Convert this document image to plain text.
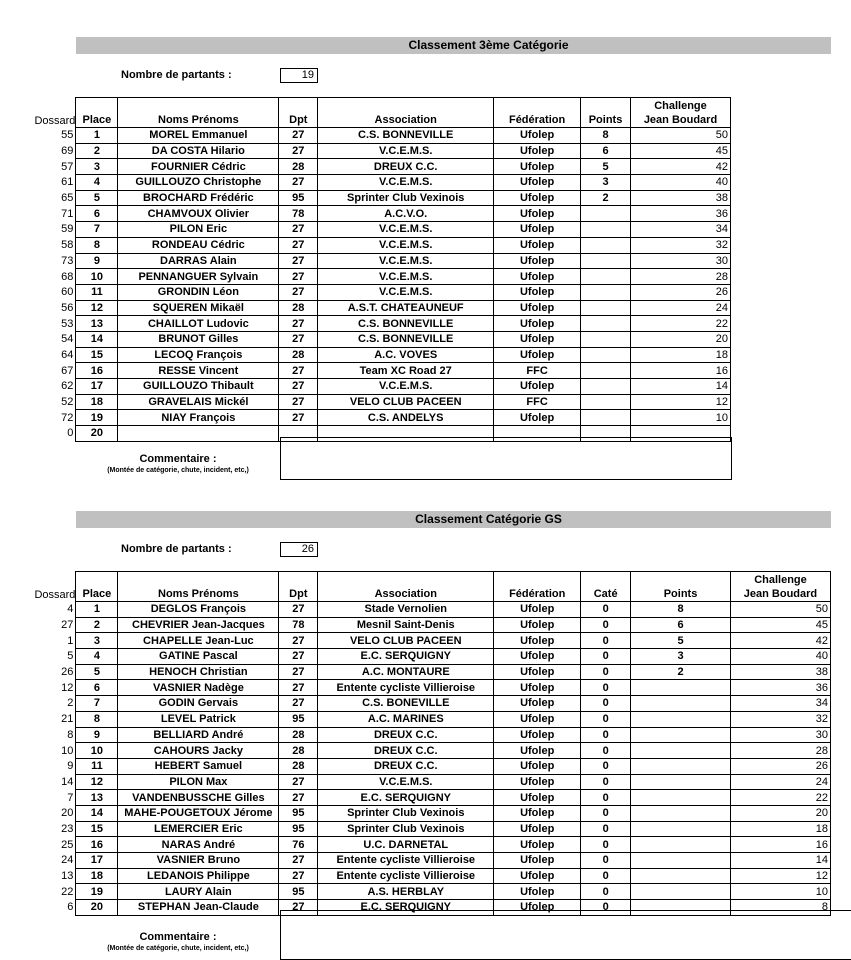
Classement 3ème Catégorie
Nombre de partants :	19
Dossard	Place	Noms Prénoms	Dpt	Association	Fédération	Points	Challenge
Jean Boudard

55	1	MOREL Emmanuel	27	C.S. BONNEVILLE	Ufolep	8	50
69	2	DA COSTA Hilario	27	V.C.E.M.S.	Ufolep	6	45
57	3	FOURNIER Cédric	28	DREUX C.C.	Ufolep	5	42
61	4	GUILLOUZO Christophe	27	V.C.E.M.S.	Ufolep	3	40
65	5	BROCHARD Frédéric	95	Sprinter Club Vexinois	Ufolep	2	38
71	6	CHAMVOUX Olivier	78	A.C.V.O.	Ufolep		36
59	7	PILON Eric	27	V.C.E.M.S.	Ufolep		34
58	8	RONDEAU Cédric	27	V.C.E.M.S.	Ufolep		32
73	9	DARRAS Alain	27	V.C.E.M.S.	Ufolep		30
68	10	PENNANGUER Sylvain	27	V.C.E.M.S.	Ufolep		28
60	11	GRONDIN Léon	27	V.C.E.M.S.	Ufolep		26
56	12	SQUEREN Mikaël	28	A.S.T. CHATEAUNEUF	Ufolep		24
53	13	CHAILLOT Ludovic	27	C.S. BONNEVILLE	Ufolep		22
54	14	BRUNOT Gilles	27	C.S. BONNEVILLE	Ufolep		20
64	15	LECOQ François	28	A.C. VOVES	Ufolep		18
67	16	RESSE Vincent	27	Team XC Road 27	FFC		16
62	17	GUILLOUZO Thibault	27	V.C.E.M.S.	Ufolep		14
52	18	GRAVELAIS Mickél	27	VELO CLUB PACEEN	FFC		12
72	19	NIAY François	27	C.S. ANDELYS	Ufolep		10
0	20						
Commentaire :
(Montée de catégorie, chute, incident, etc,)
Classement Catégorie GS
Nombre de partants :	26
Dossard	Place	Noms Prénoms	Dpt	Association	Fédération	Caté	Points	Challenge
Jean Boudard

4	1	DEGLOS François	27	Stade Vernolien	Ufolep	0	8	50
27	2	CHEVRIER Jean-Jacques	78	Mesnil Saint-Denis	Ufolep	0	6	45
1	3	CHAPELLE Jean-Luc	27	VELO CLUB PACEEN	Ufolep	0	5	42
5	4	GATINE Pascal	27	E.C. SERQUIGNY	Ufolep	0	3	40
26	5	HENOCH Christian	27	A.C. MONTAURE	Ufolep	0	2	38
12	6	VASNIER Nadège	27	Entente cycliste Villieroise	Ufolep	0		36
2	7	GODIN Gervais	27	C.S. BONEVILLE	Ufolep	0		34
21	8	LEVEL Patrick	95	A.C. MARINES	Ufolep	0		32
8	9	BELLIARD André	28	DREUX C.C.	Ufolep	0		30
10	10	CAHOURS Jacky	28	DREUX C.C.	Ufolep	0		28
9	11	HEBERT Samuel	28	DREUX C.C.	Ufolep	0		26
14	12	PILON Max	27	V.C.E.M.S.	Ufolep	0		24
7	13	VANDENBUSSCHE Gilles	27	E.C. SERQUIGNY	Ufolep	0		22
20	14	MAHE-POUGETOUX Jérome	95	Sprinter Club Vexinois	Ufolep	0		20
23	15	LEMERCIER Eric	95	Sprinter Club Vexinois	Ufolep	0		18
25	16	NARAS André	76	U.C. DARNETAL	Ufolep	0		16
24	17	VASNIER Bruno	27	Entente cycliste Villieroise	Ufolep	0		14
13	18	LEDANOIS Philippe	27	Entente cycliste Villieroise	Ufolep	0		12
22	19	LAURY Alain	95	A.S. HERBLAY	Ufolep	0		10
6	20	STEPHAN Jean-Claude	27	E.C. SERQUIGNY	Ufolep	0		8
Commentaire :
(Montée de catégorie, chute, incident, etc,)
